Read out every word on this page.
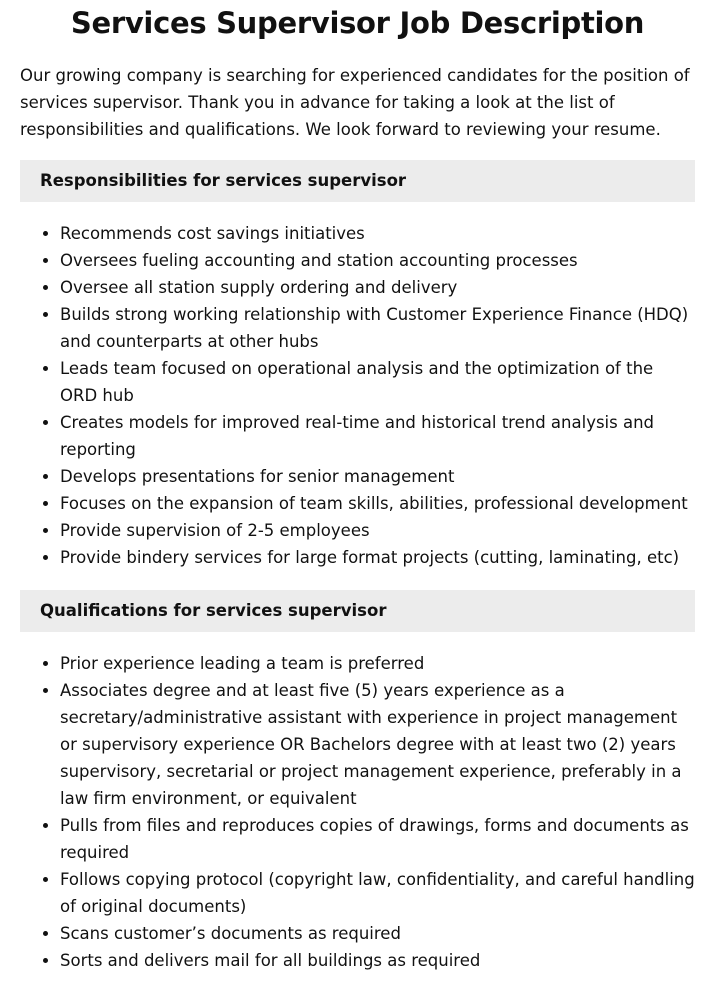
Services Supervisor Job Description

Our growing company is searching for experienced candidates for the position of services supervisor. Thank you in advance for taking a look at the list of responsibilities and qualifications. We look forward to reviewing your resume.

Responsibilities for services supervisor
• Recommends cost savings initiatives
• Oversees fueling accounting and station accounting processes
• Oversee all station supply ordering and delivery
• Builds strong working relationship with Customer Experience Finance (HDQ) and counterparts at other hubs
• Leads team focused on operational analysis and the optimization of the ORD hub
• Creates models for improved real-time and historical trend analysis and reporting
• Develops presentations for senior management
• Focuses on the expansion of team skills, abilities, professional development
• Provide supervision of 2-5 employees
• Provide bindery services for large format projects (cutting, laminating, etc)
Qualifications for services supervisor
• Prior experience leading a team is preferred
• Associates degree and at least five (5) years experience as a secretary/administrative assistant with experience in project management or supervisory experience OR Bachelors degree with at least two (2) years supervisory, secretarial or project management experience, preferably in a law firm environment, or equivalent
• Pulls from files and reproduces copies of drawings, forms and documents as required
• Follows copying protocol (copyright law, confidentiality, and careful handling of original documents)
• Scans customer’s documents as required
• Sorts and delivers mail for all buildings as required
